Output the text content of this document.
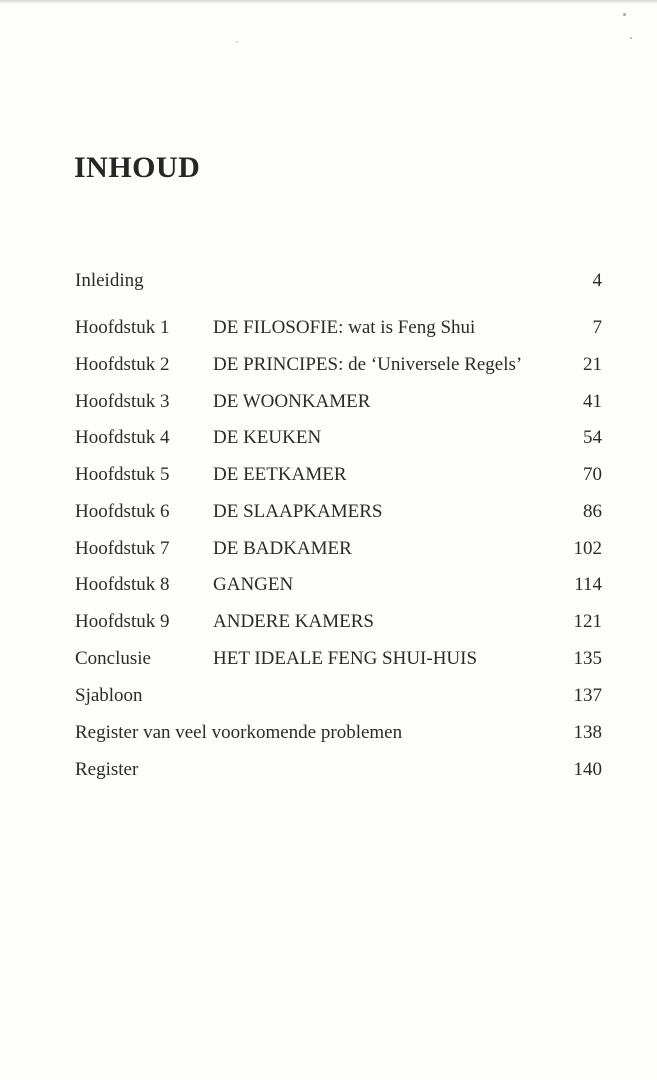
INHOUD
Inleiding	4
Hoofdstuk 1 DE FILOSOFIE: wat is Feng Shui	7
Hoofdstuk 2 DE PRINCIPES: de ‘Universele Regels’	21
Hoofdstuk 3 DE WOONKAMER	41
Hoofdstuk 4 DE KEUKEN	54
Hoofdstuk 5 DE EETKAMER	70
Hoofdstuk 6 DE SLAAPKAMERS	86
Hoofdstuk 7 DE BADKAMER	102
Hoofdstuk 8 GANGEN	114
Hoofdstuk 9 ANDERE KAMERS	121
Conclusie	HET IDEALE FENG SHUI-HUIS	135
Sjabloon	137
Register van veel voorkomende problemen	138
Register	140
